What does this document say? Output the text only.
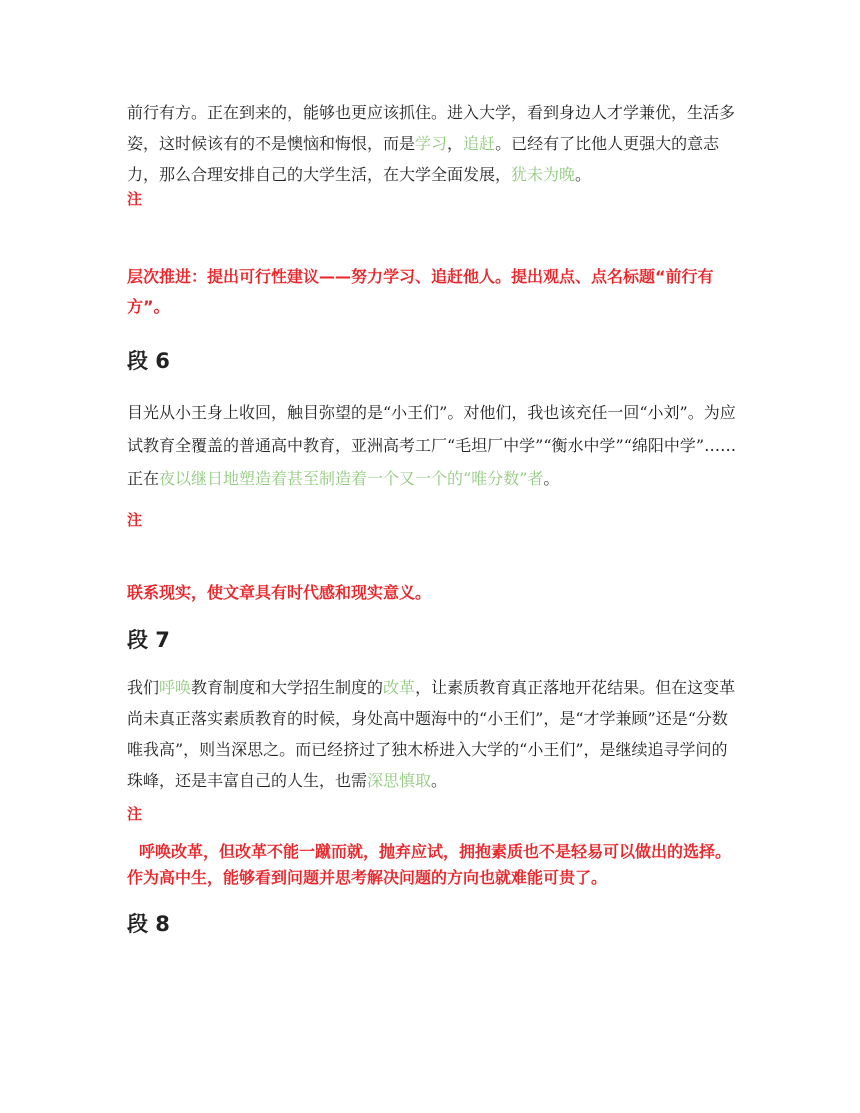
前行有方。正在到来的，能够也更应该抓住。进入大学，看到身边人才学兼优，生活多姿，这时候该有的不是懊恼和悔恨，而是学习，追赶。已经有了比他人更强大的意志力，那么合理安排自己的大学生活，在大学全面发展，犹未为晚。

注

层次推进：提出可行性建议——努力学习、追赶他人。提出观点、点名标题“前行有方”。

段 6

目光从小王身上收回，触目弥望的是“小王们”。对他们，我也该充任一回“小刘”。为应试教育全覆盖的普通高中教育，亚洲高考工厂“毛坦厂中学”“衡水中学”“绵阳中学”……正在夜以继日地塑造着甚至制造着一个又一个的“唯分数”者。

注

联系现实，使文章具有时代感和现实意义。

段 7

我们呼唤教育制度和大学招生制度的改革，让素质教育真正落地开花结果。但在这变革尚未真正落实素质教育的时候，身处高中题海中的“小王们”，是“才学兼顾”还是“分数唯我高”，则当深思之。而已经挤过了独木桥进入大学的“小王们”，是继续追寻学问的珠峰，还是丰富自己的人生，也需深思慎取。

注

呼唤改革，但改革不能一蹴而就，抛弃应试，拥抱素质也不是轻易可以做出的选择。作为高中生，能够看到问题并思考解决问题的方向也就难能可贵了。

段 8
